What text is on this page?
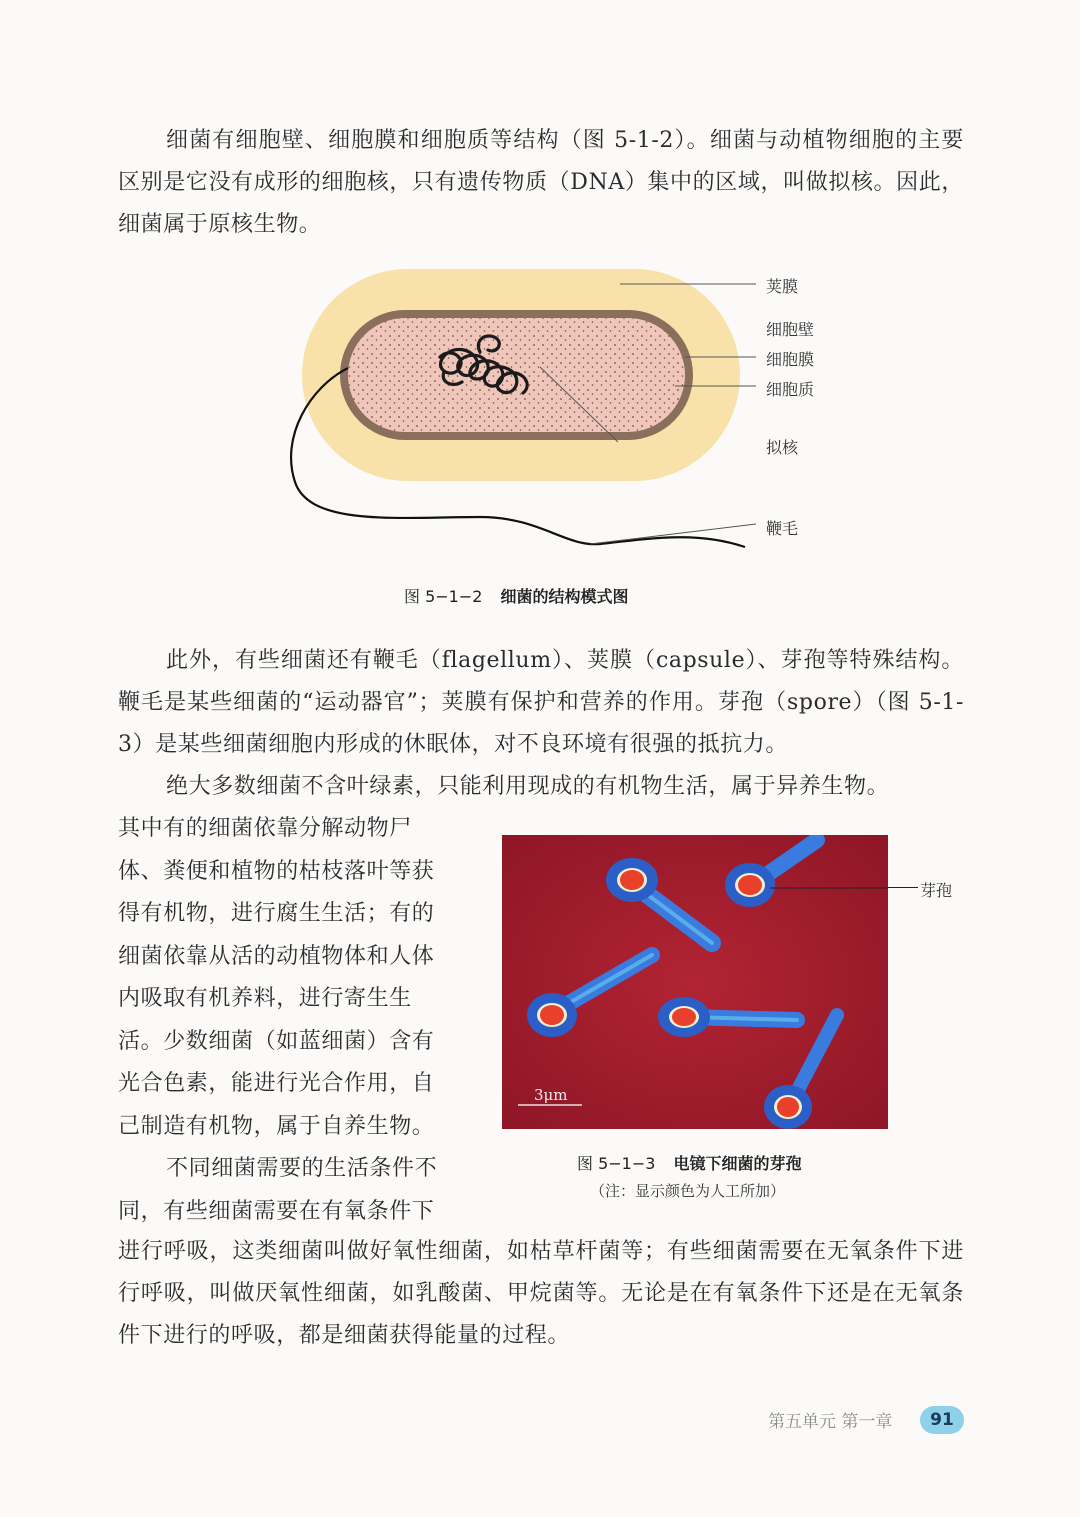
细菌有细胞壁、细胞膜和细胞质等结构（图 5-1-2）。细菌与动植物细胞的主要区别是它没有成形的细胞核，只有遗传物质（DNA）集中的区域，叫做拟核。因此，细菌属于原核生物。

荚膜
细胞壁
细胞膜
细胞质
拟核
鞭毛
图 5−1−2 细菌的结构模式图

此外，有些细菌还有鞭毛（flagellum）、荚膜（capsule）、芽孢等特殊结构。鞭毛是某些细菌的“运动器官”；荚膜有保护和营养的作用。芽孢（spore）（图 5-1-3）是某些细菌细胞内形成的休眠体，对不良环境有很强的抵抗力。

绝大多数细菌不含叶绿素，只能利用现成的有机物生活，属于异养生物。

其中有的细菌依靠分解动物尸
体、粪便和植物的枯枝落叶等获
得有机物，进行腐生生活；有的
细菌依靠从活的动植物体和人体
内吸取有机养料，进行寄生生
活。少数细菌（如蓝细菌）含有
光合色素，能进行光合作用，自
己制造有机物，属于自养生物。
不同细菌需要的生活条件不
同，有些细菌需要在有氧条件下
3μm
芽孢
图 5−1−3 电镜下细菌的芽孢
（注：显示颜色为人工所加）

进行呼吸，这类细菌叫做好氧性细菌，如枯草杆菌等；有些细菌需要在无氧条件下进行呼吸，叫做厌氧性细菌，如乳酸菌、甲烷菌等。无论是在有氧条件下还是在无氧条件下进行的呼吸，都是细菌获得能量的过程。

第五单元 第一章	91
